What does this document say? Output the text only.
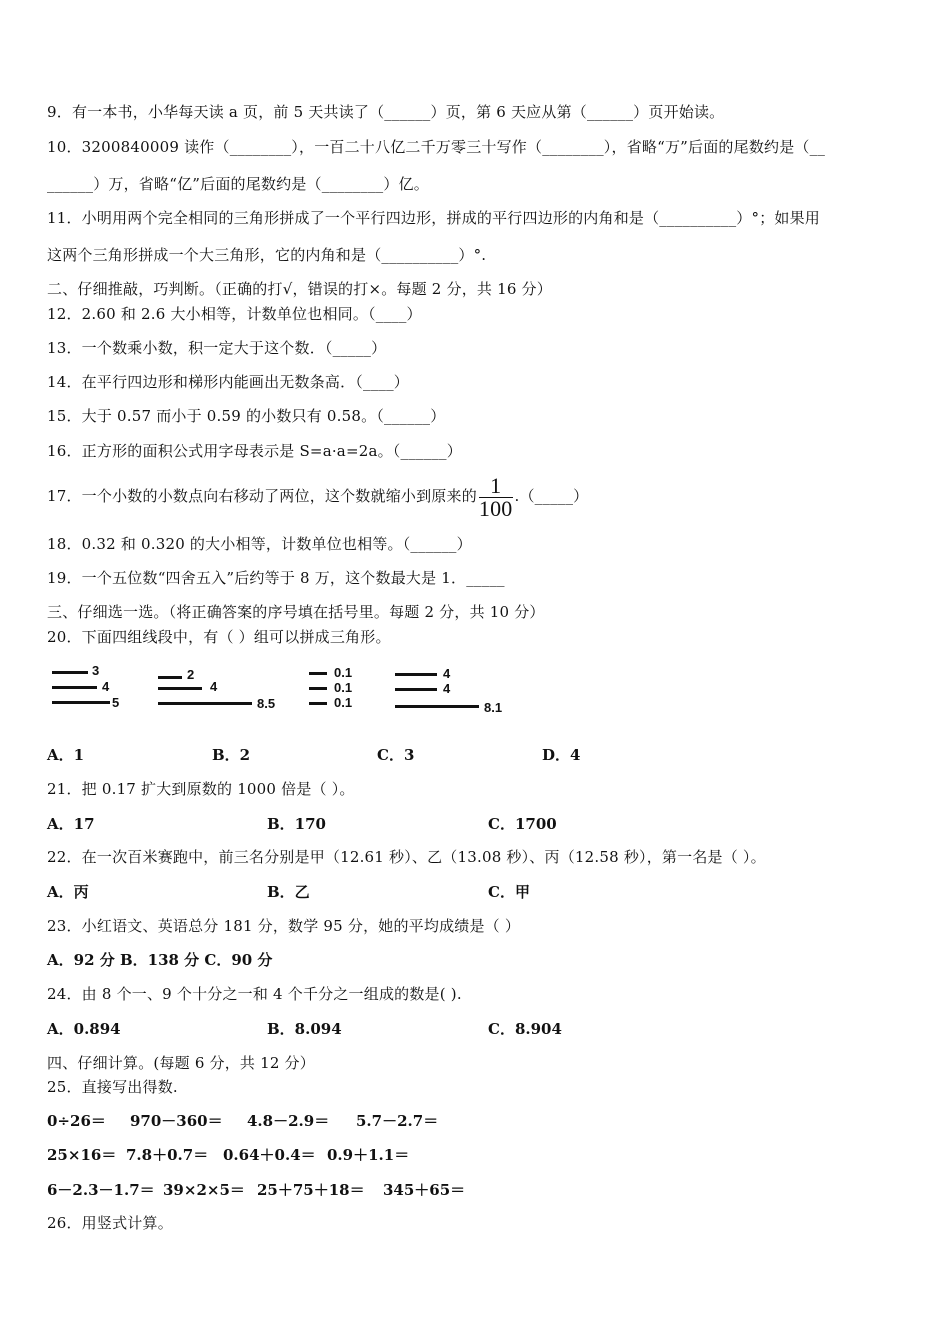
9．有一本书，小华每天读 a 页，前 5 天共读了（______）页，第 6 天应从第（______）页开始读。
10．3200840009 读作（________），一百二十八亿二千万零三十写作（________），省略“万”后面的尾数约是（__
______）万，省略“亿”后面的尾数约是（________）亿。
11．小明用两个完全相同的三角形拼成了一个平行四边形，拼成的平行四边形的内角和是（__________）°；如果用
这两个三角形拼成一个大三角形，它的内角和是（__________）°.
二、仔细推敲，巧判断。（正确的打√，错误的打×。每题 2 分，共 16 分）
12．2.60 和 2.6 大小相等，计数单位也相同。（____）
13．一个数乘小数，积一定大于这个数．（_____）
14．在平行四边形和梯形内能画出无数条高．（____）
15．大于 0.57 而小于 0.59 的小数只有 0.58。（______）
16．正方形的面积公式用字母表示是 S=a·a=2a。（______）
17．一个小数的小数点向右移动了两位，这个数就缩小到原来的 $\frac{1}{100}$ .（_____）
18．0.32 和 0.320 的大小相等，计数单位也相等。（______）
19．一个五位数“四舍五入”后约等于 8 万，这个数最大是 1．_____
三、仔细选一选。（将正确答案的序号填在括号里。每题 2 分，共 10 分）
20．下面四组线段中，有（ ）组可以拼成三角形。
3
4
5
2
4
8.5
0.1
0.1
0.1
4
4
8.1
A．1	B．2	C．3	D．4
21．把 0.17 扩大到原数的 1000 倍是（ ）。
A．17	B．170	C．1700
22．在一次百米赛跑中，前三名分别是甲（12.61 秒）、乙（13.08 秒）、丙（12.58 秒），第一名是（ ）。
A．丙	B．乙	C．甲
23．小红语文、英语总分 181 分，数学 95 分，她的平均成绩是（ ）
A．92 分 B．138 分 C．90 分
24．由 8 个一、9 个十分之一和 4 个千分之一组成的数是( ).
A．0.894	B．8.094	C．8.904
四、仔细计算。(每题 6 分，共 12 分）
25．直接写出得数.
0÷26＝ 970－360＝ 4.8－2.9＝ 5.7－2.7＝
25×16＝ 7.8＋0.7＝ 0.64＋0.4＝ 0.9＋1.1＝
6－2.3－1.7＝ 39×2×5＝ 25＋75＋18＝ 345＋65＝
26．用竖式计算。
